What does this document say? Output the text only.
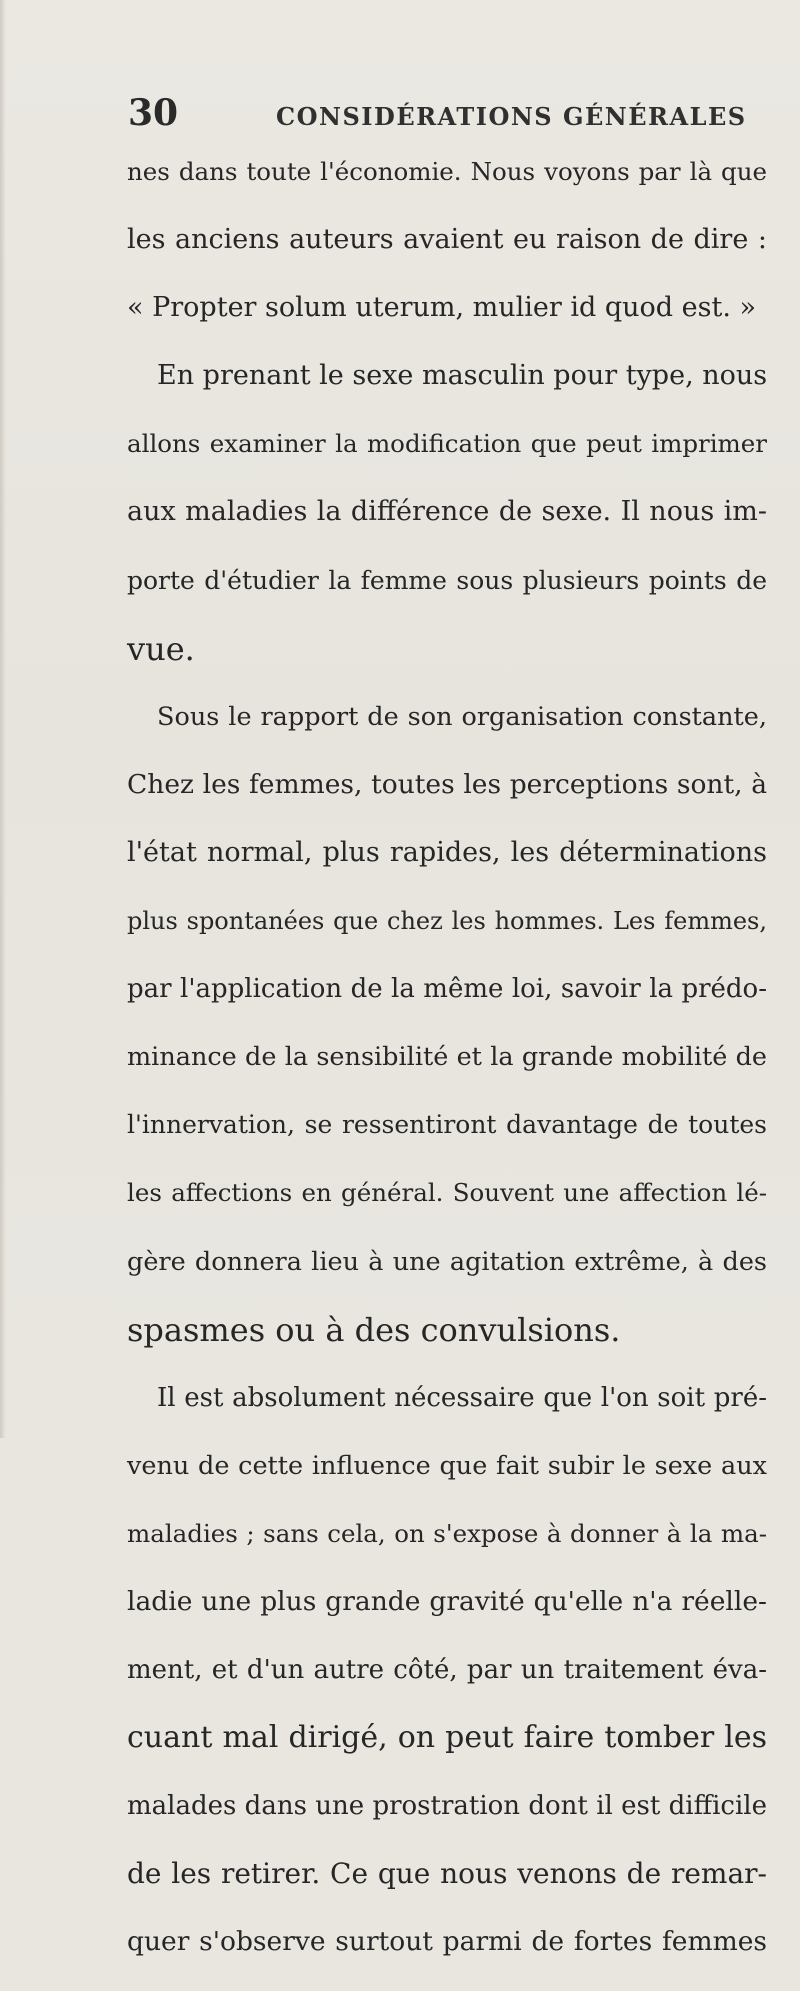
30	CONSIDÉRATIONS GÉNÉRALES
nes dans toute l'économie. Nous voyons par là que
les anciens auteurs avaient eu raison de dire :
« Propter solum uterum, mulier id quod est. »
En prenant le sexe masculin pour type, nous
allons examiner la modification que peut imprimer
aux maladies la différence de sexe. Il nous im-
porte d'étudier la femme sous plusieurs points de
vue.
Sous le rapport de son organisation constante,
Chez les femmes, toutes les perceptions sont, à
l'état normal, plus rapides, les déterminations
plus spontanées que chez les hommes. Les femmes,
par l'application de la même loi, savoir la prédo-
minance de la sensibilité et la grande mobilité de
l'innervation, se ressentiront davantage de toutes
les affections en général. Souvent une affection lé-
gère donnera lieu à une agitation extrême, à des
spasmes ou à des convulsions.
Il est absolument nécessaire que l'on soit pré-
venu de cette influence que fait subir le sexe aux
maladies ; sans cela, on s'expose à donner à la ma-
ladie une plus grande gravité qu'elle n'a réelle-
ment, et d'un autre côté, par un traitement éva-
cuant mal dirigé, on peut faire tomber les
malades dans une prostration dont il est difficile
de les retirer. Ce que nous venons de remar-
quer s'observe surtout parmi de fortes femmes
